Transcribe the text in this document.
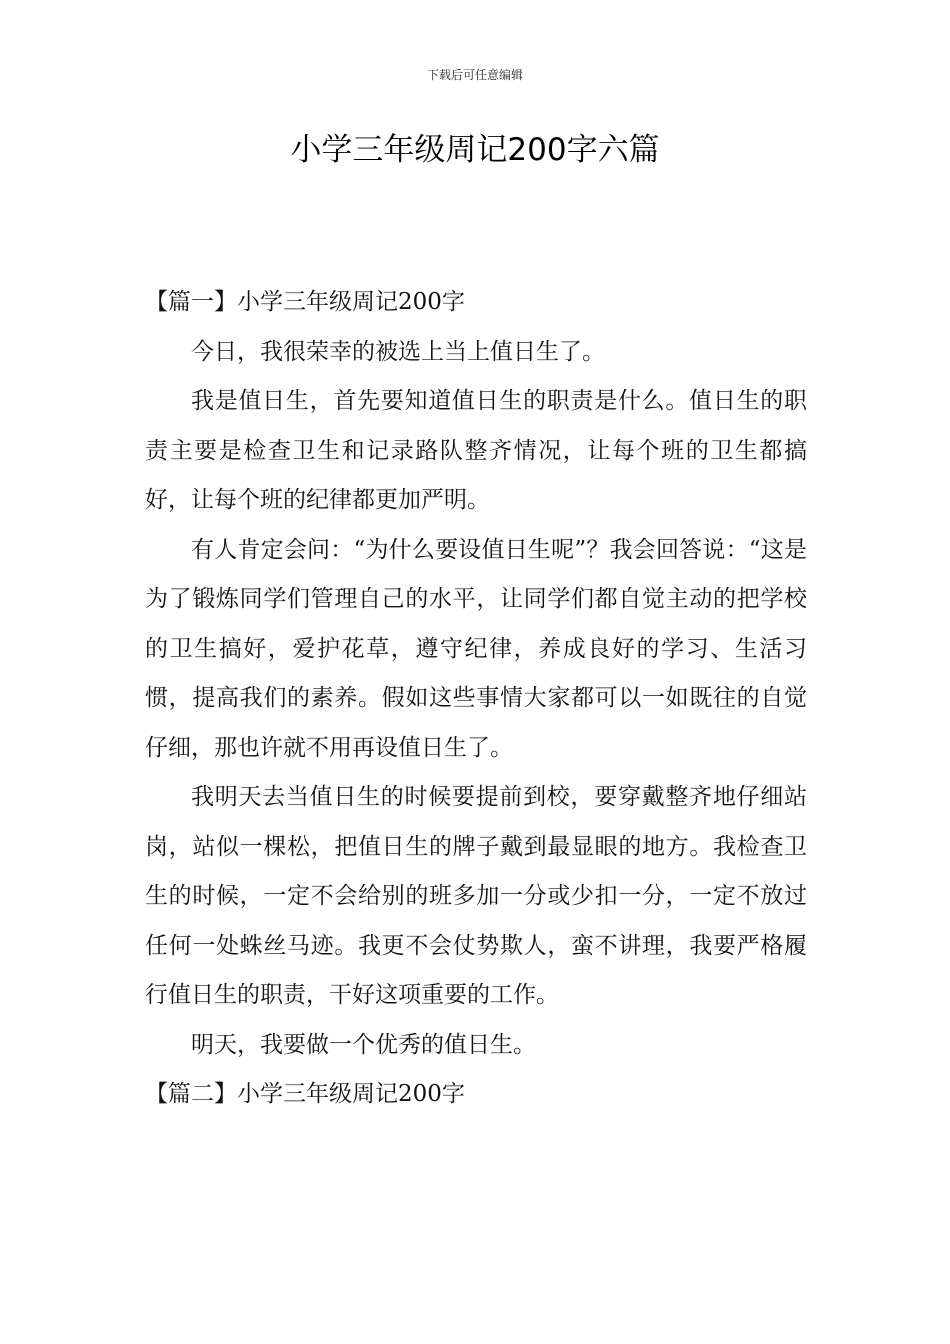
下载后可任意编辑
小学三年级周记200字六篇

【篇一】小学三年级周记200字

今日，我很荣幸的被选上当上值日生了。

我是值日生，首先要知道值日生的职责是什么。值日生的职责主要是检查卫生和记录路队整齐情况，让每个班的卫生都搞好，让每个班的纪律都更加严明。

有人肯定会问：“为什么要设值日生呢”？我会回答说：“这是为了锻炼同学们管理自己的水平，让同学们都自觉主动的把学校的卫生搞好，爱护花草，遵守纪律，养成良好的学习、生活习惯，提高我们的素养。假如这些事情大家都可以一如既往的自觉仔细，那也许就不用再设值日生了。

我明天去当值日生的时候要提前到校，要穿戴整齐地仔细站岗，站似一棵松，把值日生的牌子戴到最显眼的地方。我检查卫生的时候，一定不会给别的班多加一分或少扣一分，一定不放过任何一处蛛丝马迹。我更不会仗势欺人，蛮不讲理，我要严格履行值日生的职责，干好这项重要的工作。

明天，我要做一个优秀的值日生。

【篇二】小学三年级周记200字
